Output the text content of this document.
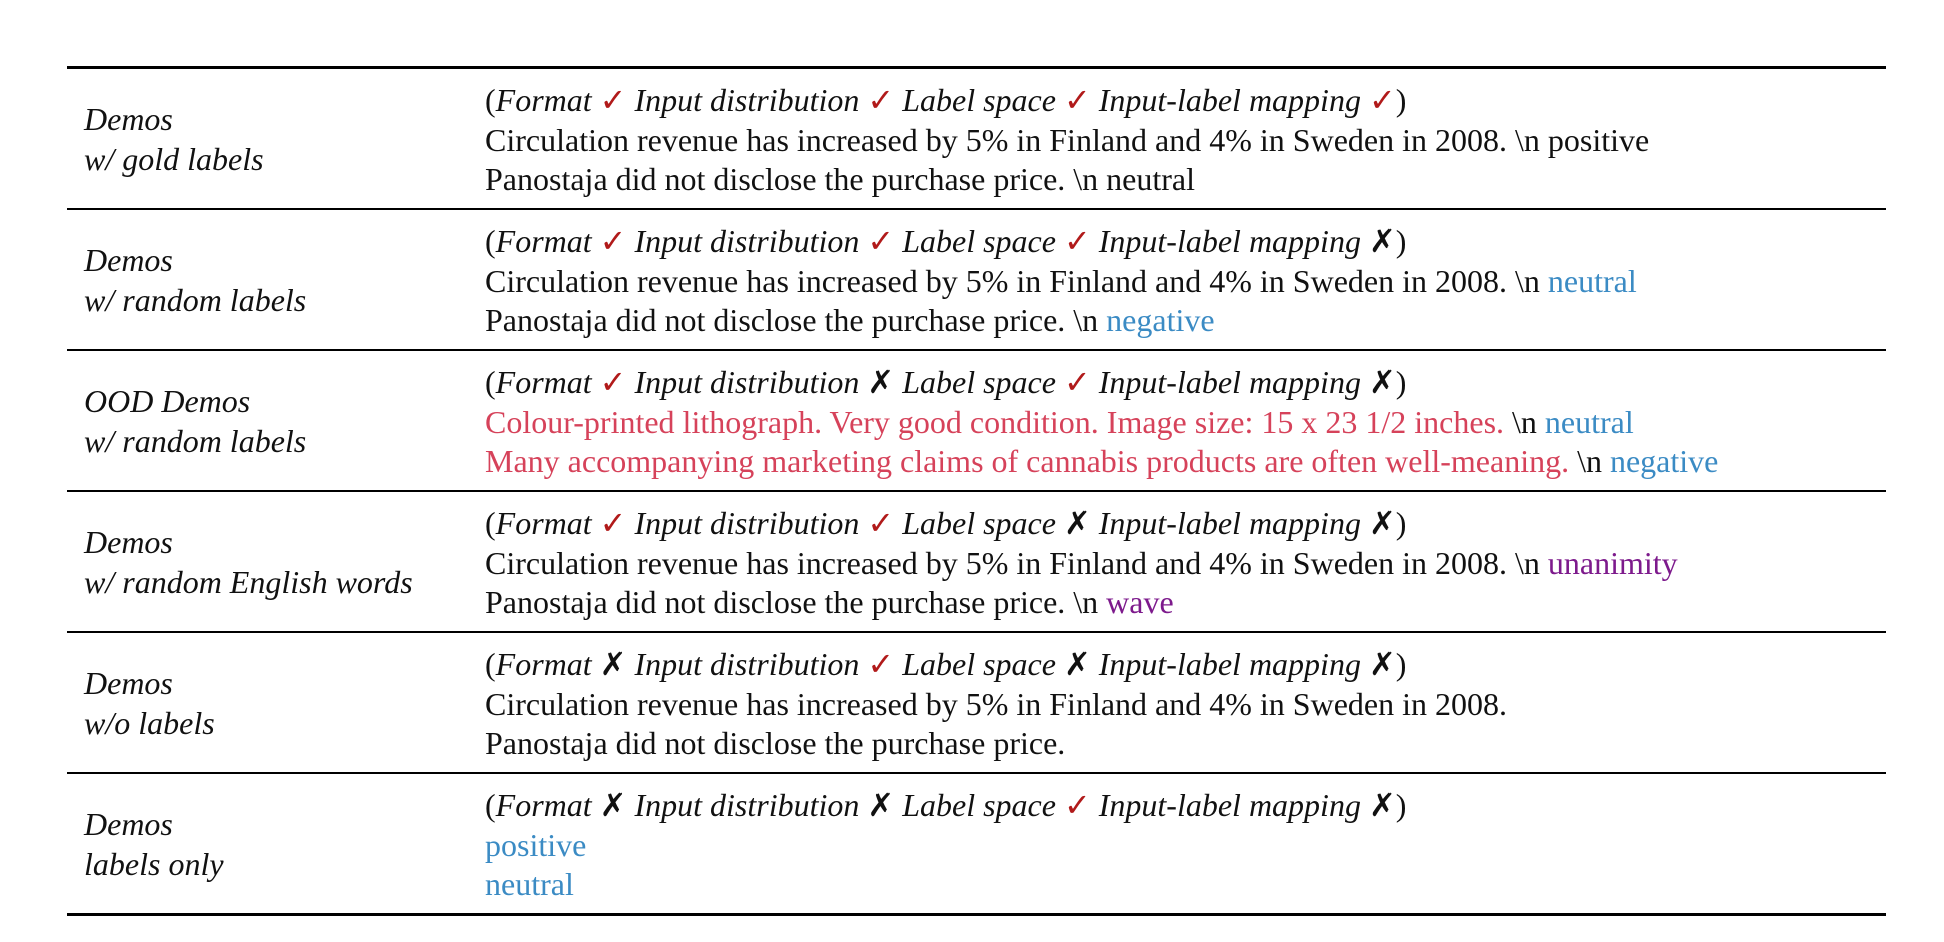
Demos
w/ gold labels
(Format ✓ Input distribution ✓ Label space ✓ Input-label mapping ✓)
Circulation revenue has increased by 5% in Finland and 4% in Sweden in 2008. \n positive
Panostaja did not disclose the purchase price. \n neutral
Demos
w/ random labels
(Format ✓ Input distribution ✓ Label space ✓ Input-label mapping ✗)
Circulation revenue has increased by 5% in Finland and 4% in Sweden in 2008. \n neutral
Panostaja did not disclose the purchase price. \n negative
OOD Demos
w/ random labels
(Format ✓ Input distribution ✗ Label space ✓ Input-label mapping ✗)
Colour-printed lithograph. Very good condition. Image size: 15 x 23 1/2 inches. \n neutral
Many accompanying marketing claims of cannabis products are often well-meaning. \n negative
Demos
w/ random English words
(Format ✓ Input distribution ✓ Label space ✗ Input-label mapping ✗)
Circulation revenue has increased by 5% in Finland and 4% in Sweden in 2008. \n unanimity
Panostaja did not disclose the purchase price. \n wave
Demos
w/o labels
(Format ✗ Input distribution ✓ Label space ✗ Input-label mapping ✗)
Circulation revenue has increased by 5% in Finland and 4% in Sweden in 2008.
Panostaja did not disclose the purchase price.
Demos
labels only
(Format ✗ Input distribution ✗ Label space ✓ Input-label mapping ✗)
positive
neutral
